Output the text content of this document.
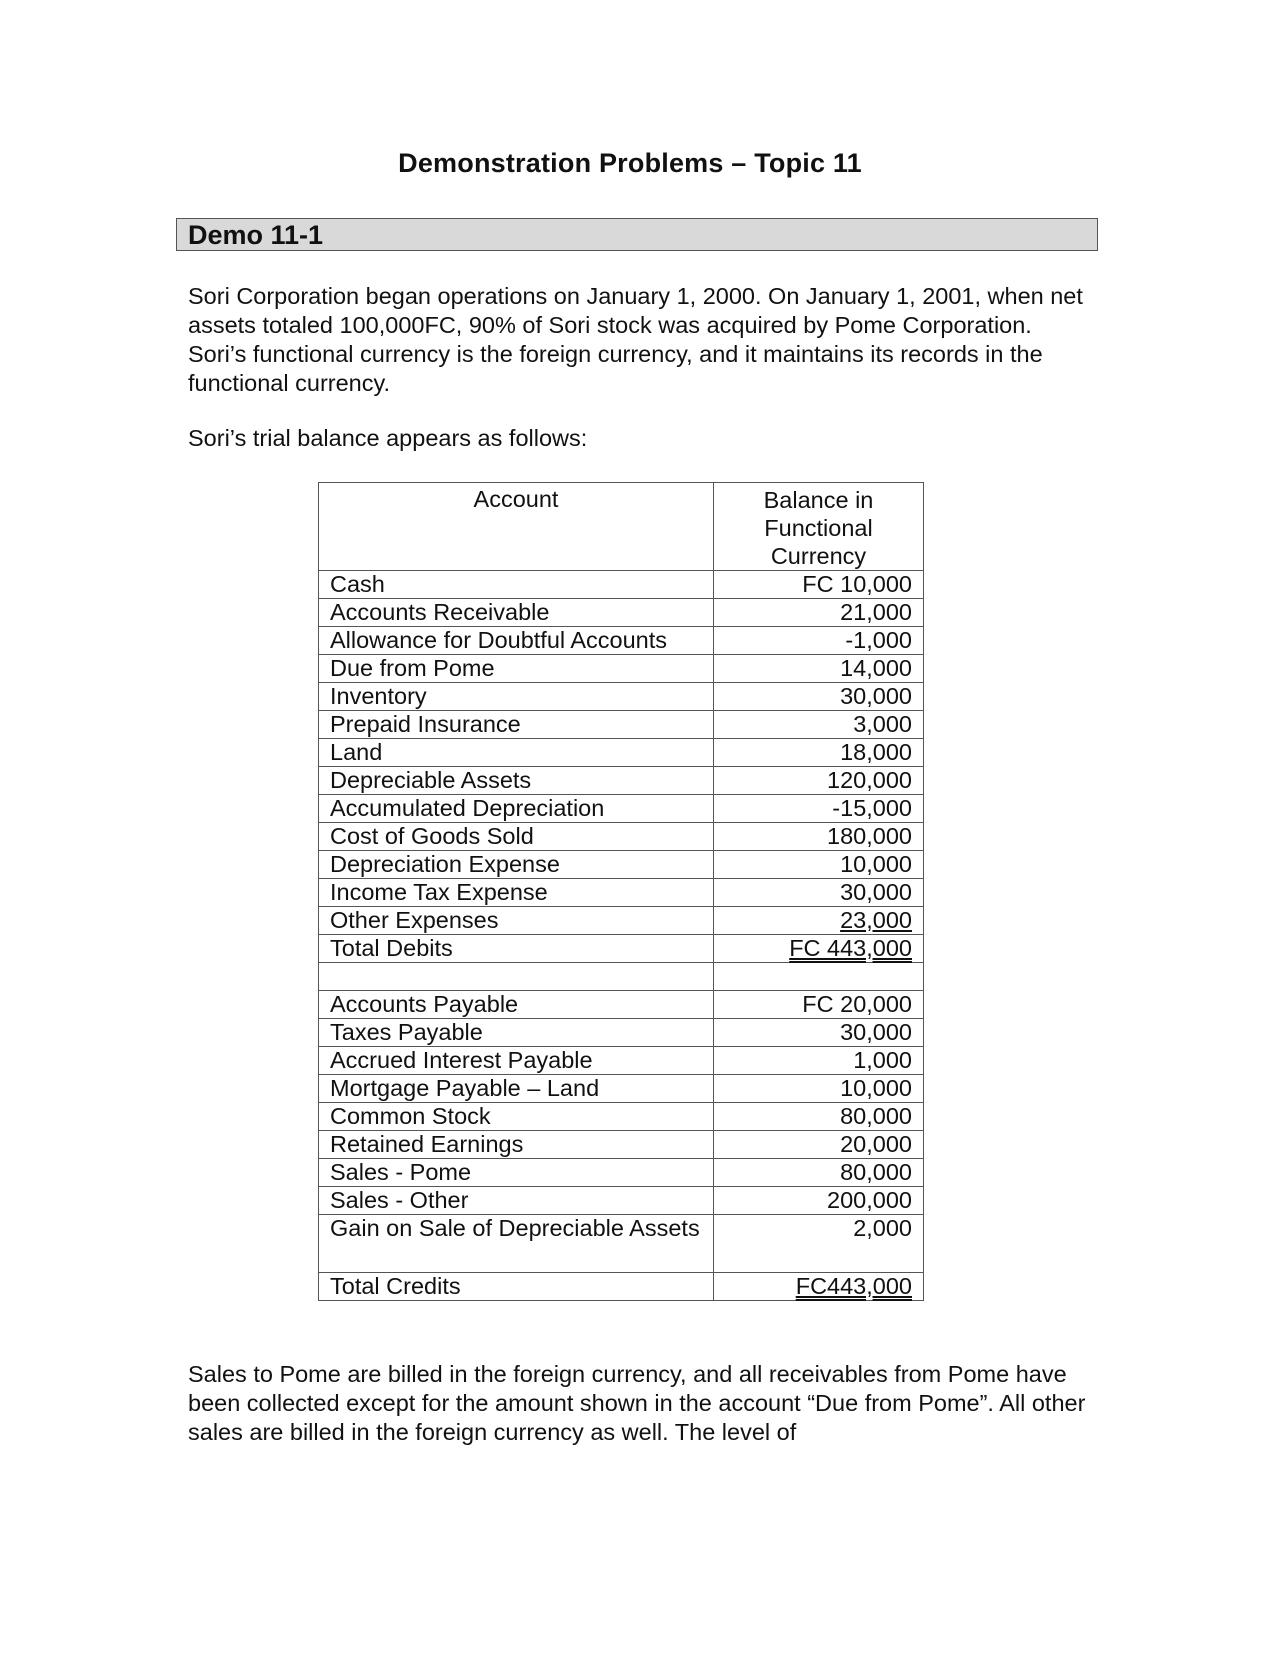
Demonstration Problems – Topic 11
Demo 11-1

Sori Corporation began operations on January 1, 2000. On January 1, 2001, when net assets totaled 100,000FC, 90% of Sori stock was acquired by Pome Corporation. Sori’s functional currency is the foreign currency, and it maintains its records in the functional currency.

Sori’s trial balance appears as follows:

Account	Balance in Functional Currency

Cash	FC 10,000
Accounts Receivable	21,000
Allowance for Doubtful Accounts	-1,000
Due from Pome	14,000
Inventory	30,000
Prepaid Insurance	3,000
Land	18,000
Depreciable Assets	120,000
Accumulated Depreciation	-15,000
Cost of Goods Sold	180,000
Depreciation Expense	10,000
Income Tax Expense	30,000
Other Expenses	23,000
Total Debits	FC 443,000

Accounts Payable	FC 20,000
Taxes Payable	30,000
Accrued Interest Payable	1,000
Mortgage Payable – Land	10,000
Common Stock	80,000
Retained Earnings	20,000
Sales - Pome	80,000
Sales - Other	200,000
Gain on Sale of Depreciable Assets	2,000
Total Credits	FC443,000

Sales to Pome are billed in the foreign currency, and all receivables from Pome have been collected except for the amount shown in the account “Due from Pome”. All other sales are billed in the foreign currency as well. The level of
